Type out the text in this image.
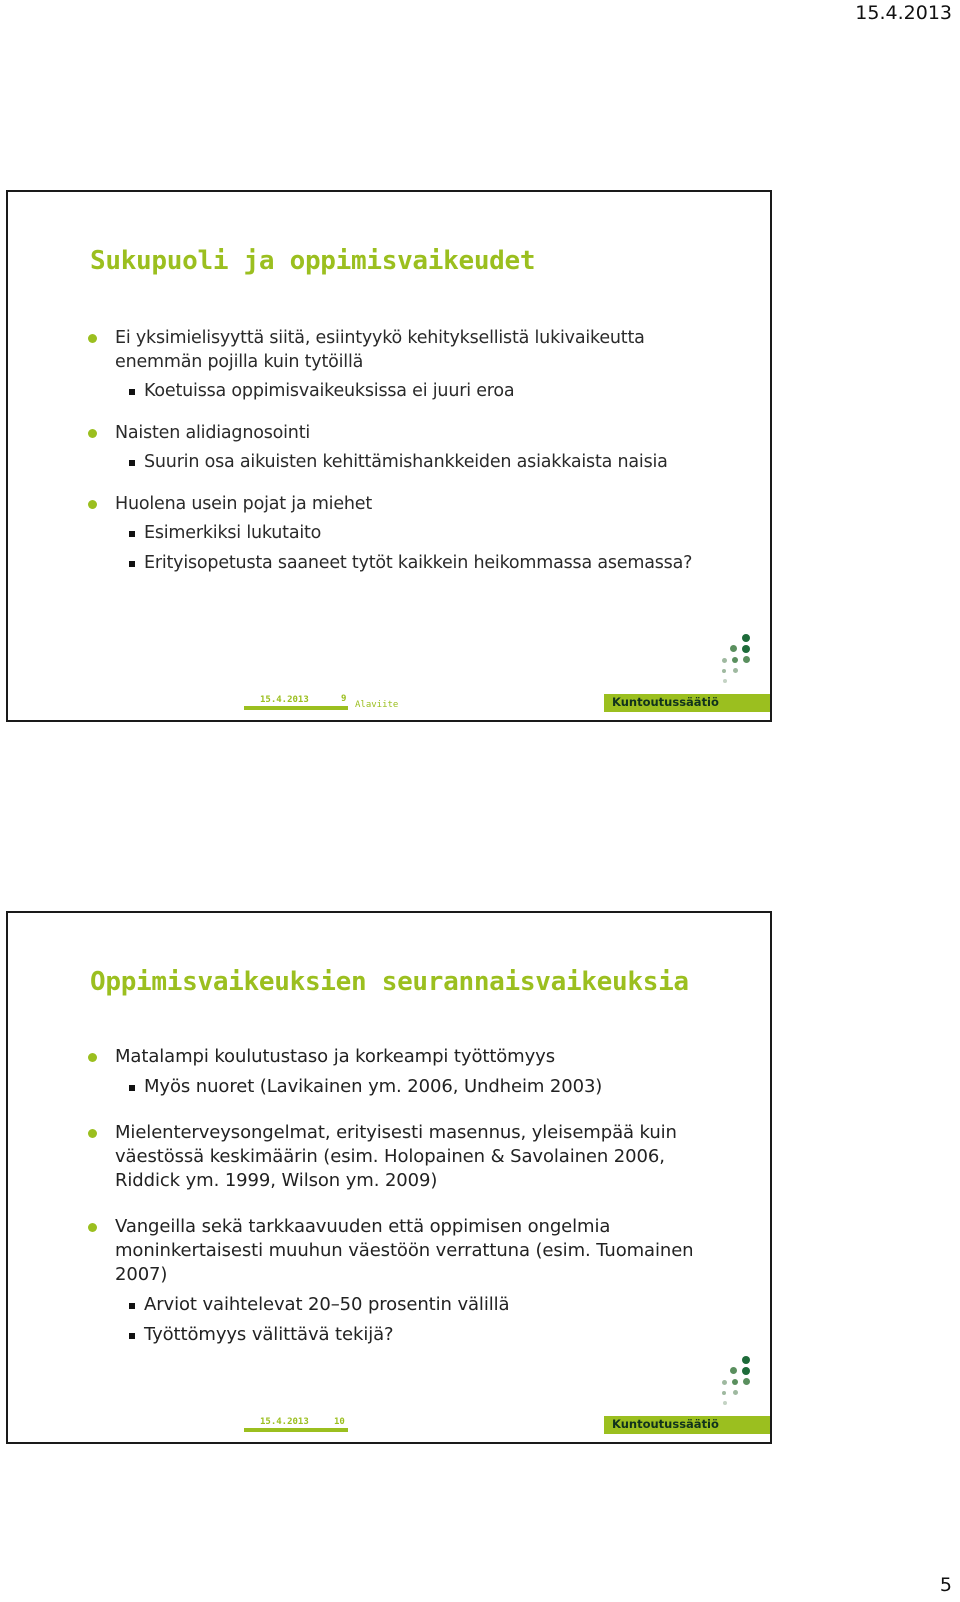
15.4.2013
Sukupuoli ja oppimisvaikeudet
Ei yksimielisyyttä siitä, esiintyykö kehityksellistä lukivaikeutta enemmän pojilla kuin tytöillä
Koetuissa oppimisvaikeuksissa ei juuri eroa
Naisten alidiagnosointi
Suurin osa aikuisten kehittämishankkeiden asiakkaista naisia
Huolena usein pojat ja miehet
Esimerkiksi lukutaito
Erityisopetusta saaneet tytöt kaikkein heikommassa asemassa?
15.4.2013	9
Alaviite	Kuntoutussäätiö
Oppimisvaikeuksien seurannaisvaikeuksia
Matalampi koulutustaso ja korkeampi työttömyys
Myös nuoret (Lavikainen ym. 2006, Undheim 2003)
Mielenterveysongelmat, erityisesti masennus, yleisempää kuin väestössä keskimäärin (esim. Holopainen & Savolainen 2006, Riddick ym. 1999, Wilson ym. 2009)
Vangeilla sekä tarkkaavuuden että oppimisen ongelmia moninkertaisesti muuhun väestöön verrattuna (esim. Tuomainen 2007)
Arviot vaihtelevat 20–50 prosentin välillä
Työttömyys välittävä tekijä?
15.4.2013	10	Kuntoutussäätiö
5
